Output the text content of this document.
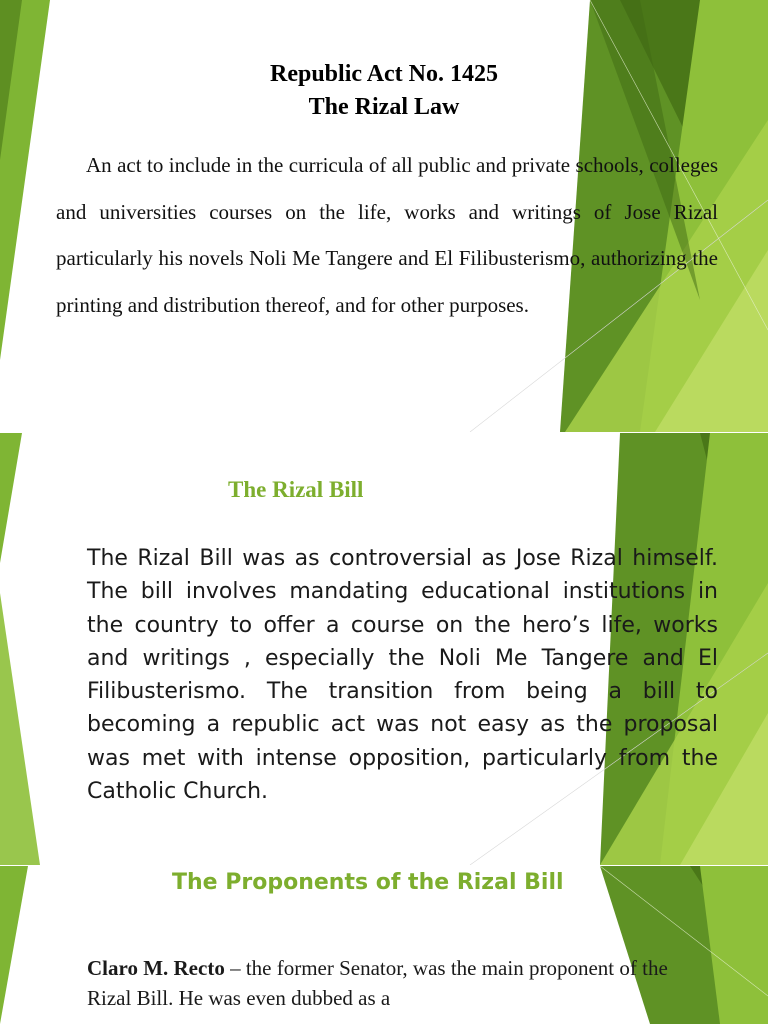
Republic Act No. 1425
The Rizal Law

An act to include in the curricula of all public and private schools, colleges and universities courses on the life, works and writings of Jose Rizal particularly his novels Noli Me Tangere and El Filibusterismo, authorizing the printing and distribution thereof, and for other purposes.

The Rizal Bill

The Rizal Bill was as controversial as Jose Rizal himself. The bill involves mandating educational institutions in the country to offer a course on the hero’s life, works and writings , especially the Noli Me Tangere and El Filibusterismo. The transition from being a bill to becoming a republic act was not easy as the proposal was met with intense opposition, particularly from the Catholic Church.

The Proponents of the Rizal Bill

Claro M. Recto – the former Senator, was the main proponent of the Rizal Bill. He was even dubbed as a
